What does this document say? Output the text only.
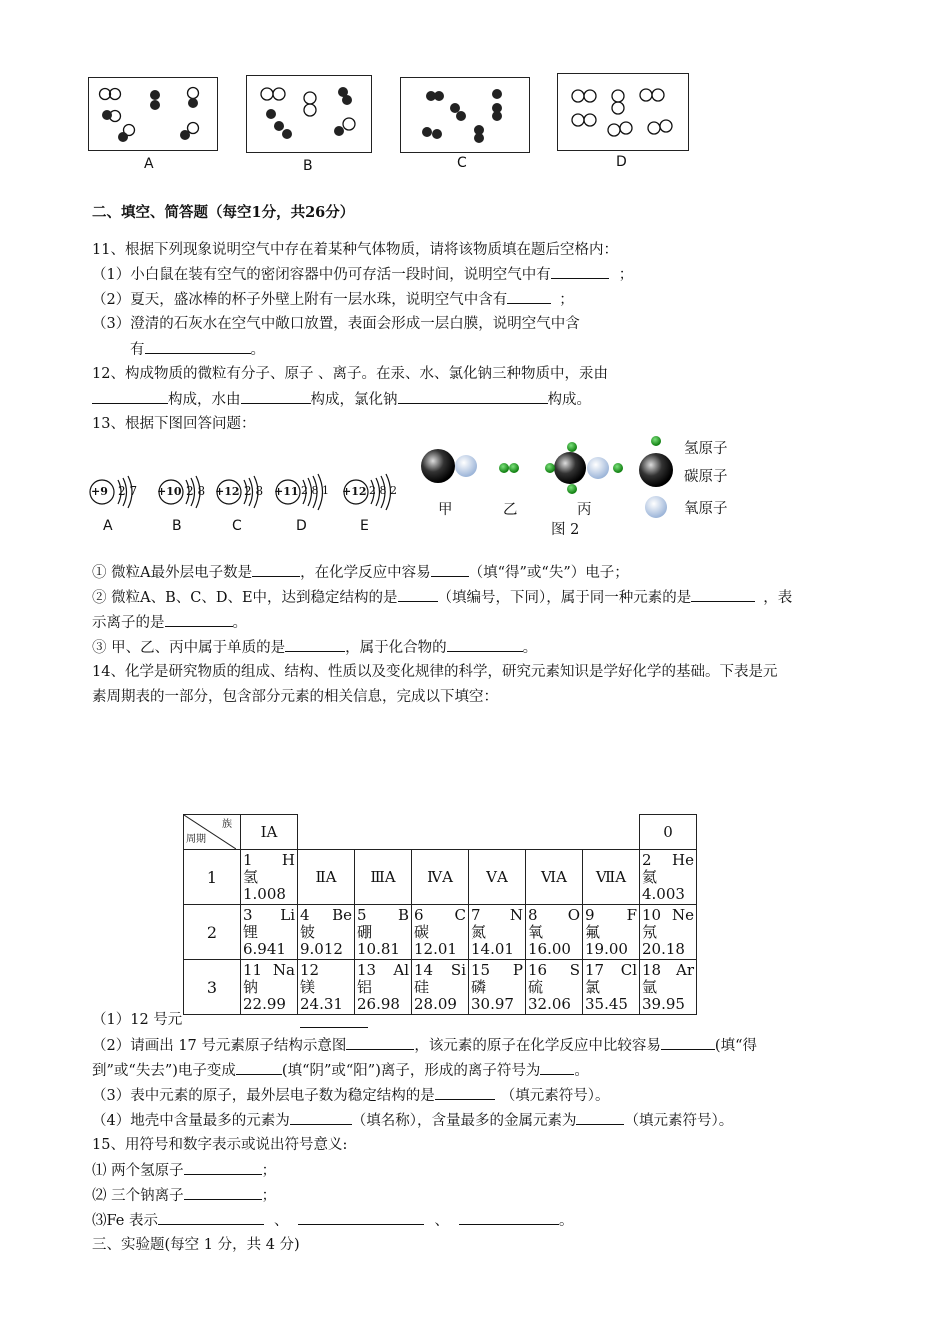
A	B	C	D
二、填空、简答题（每空1分，共26分）
11、根据下列现象说明空气中存在着某种气体物质，请将该物质填在题后空格内：
（1）小白鼠在装有空气的密闭容器中仍可存活一段时间，说明空气中有	；
（2）夏天，盛冰棒的杯子外壁上附有一层水珠，说明空气中含有	；
（3）澄清的石灰水在空气中敞口放置，表面会形成一层白膜，说明空气中含
有	。
12、构成物质的微粒有分子、原子 、离子。在汞、水、氯化钠三种物质中，汞由
构成，水由	构成，氯化钠	构成。
13、根据下图回答问题：
+9 2 7 +10 2 8 +12 2 8 +11 2 8 1 +12 2 8 2
A	B	C	D	E
甲	乙	丙
图 2
氢原子
碳原子
氧原子
① 微粒A最外层电子数是	，在化学反应中容易	（填“得”或“失”）电子；
② 微粒A、B、C、D、E中，达到稳定结构的是	（填编号，下同），属于同一种元素的是	，表
示离子的是	。
③ 甲、乙、丙中属于单质的是	，属于化合物的	。
14、化学是研究物质的组成、结构、性质以及变化规律的科学，研究元素知识是学好化学的基础。下表是元
素周期表的一部分，包含部分元素的相关信息，完成以下填空：
族
周期	ⅠA							0
1	1 H
氢
1.008	ⅡA	ⅢA	ⅣA	ⅤA	ⅥA	ⅦA	2 He
氦
4.003

2	3 Li
锂
6.941	4 Be
铍
9.012	5 B
硼
10.81	6 C
碳
12.01	7 N
氮
14.01	8 O
氧
16.00	9 F
氟
19.00	10 Ne
氖
20.18

3	11 Na
钠
22.99	12
镁
24.31	13 Al
铝
26.98	14 Si
硅
28.09	15 P
磷
30.97	16 S
硫
32.06	17 Cl
氯
35.45	18 Ar
氩
39.95
（1）12 号元
（2）请画出 17 号元素原子结构示意图	，该元素的原子在化学反应中比较容易	(填“得
到”或“失去”)电子变成	(填“阴”或“阳”)离子，形成的离子符号为 。
（3）表中元素的原子，最外层电子数为稳定结构的是	（填元素符号）。
（4）地壳中含量最多的元素为	（填名称），含量最多的金属元素为	（填元素符号）。
15、用符号和数字表示或说出符号意义:
⑴ 两个氢原子	；
⑵ 三个钠离子	；
⑶Fe 表示	、	、	。
三、实验题(每空 1 分，共 4 分)
